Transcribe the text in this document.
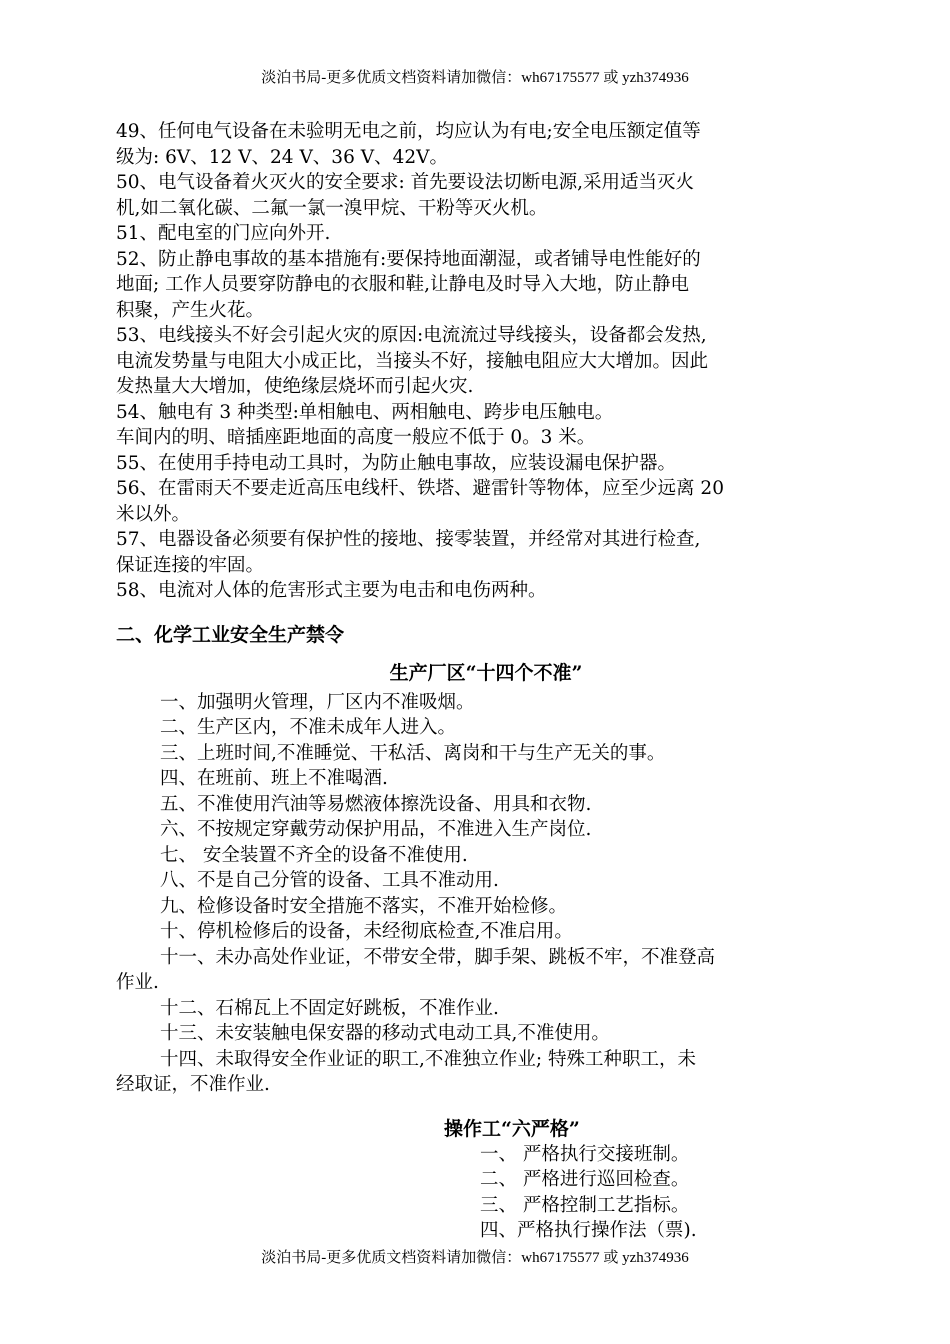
淡泊书局-更多优质文档资料请加微信：wh67175577 或 yzh374936
49、任何电气设备在未验明无电之前，均应认为有电;安全电压额定值等
级为: 6V、12 V、24 V、36 V、42V。
50、电气设备着火灭火的安全要求: 首先要设法切断电源,采用适当灭火
机,如二氧化碳、二氟一氯一溴甲烷、干粉等灭火机。
51、配电室的门应向外开.
52、防止静电事故的基本措施有:要保持地面潮湿，或者铺导电性能好的
地面; 工作人员要穿防静电的衣服和鞋,让静电及时导入大地，防止静电
积聚，产生火花。
53、电线接头不好会引起火灾的原因:电流流过导线接头，设备都会发热,
电流发势量与电阻大小成正比，当接头不好，接触电阻应大大增加。因此
发热量大大增加，使绝缘层烧坏而引起火灾.
54、触电有 3 种类型:单相触电、两相触电、跨步电压触电。
车间内的明、暗插座距地面的高度一般应不低于 0。3 米。
55、在使用手持电动工具时，为防止触电事故，应装设漏电保护器。
56、在雷雨天不要走近高压电线杆、铁塔、避雷针等物体，应至少远离 20
米以外。
57、电器设备必须要有保护性的接地、接零装置，并经常对其进行检查,
保证连接的牢固。
58、电流对人体的危害形式主要为电击和电伤两种。
二、化学工业安全生产禁令
生产厂区“十四个不准”
一、加强明火管理，厂区内不准吸烟。
二、生产区内，不准未成年人进入。
三、上班时间,不准睡觉、干私活、离岗和干与生产无关的事。
四、在班前、班上不准喝酒.
五、不准使用汽油等易燃液体擦洗设备、用具和衣物.
六、不按规定穿戴劳动保护用品，不准进入生产岗位.
七、 安全装置不齐全的设备不准使用.
八、不是自己分管的设备、工具不准动用.
九、检修设备时安全措施不落实，不准开始检修。
十、停机检修后的设备，未经彻底检查,不准启用。
十一、未办高处作业证，不带安全带，脚手架、跳板不牢，不准登高
作业.
十二、石棉瓦上不固定好跳板，不准作业.
十三、未安装触电保安器的移动式电动工具,不准使用。
十四、未取得安全作业证的职工,不准独立作业; 特殊工种职工，未
经取证，不准作业.
操作工“六严格”
一、 严格执行交接班制。
二、 严格进行巡回检查。
三、 严格控制工艺指标。
四、严格执行操作法（票).
淡泊书局-更多优质文档资料请加微信：wh67175577 或 yzh374936
